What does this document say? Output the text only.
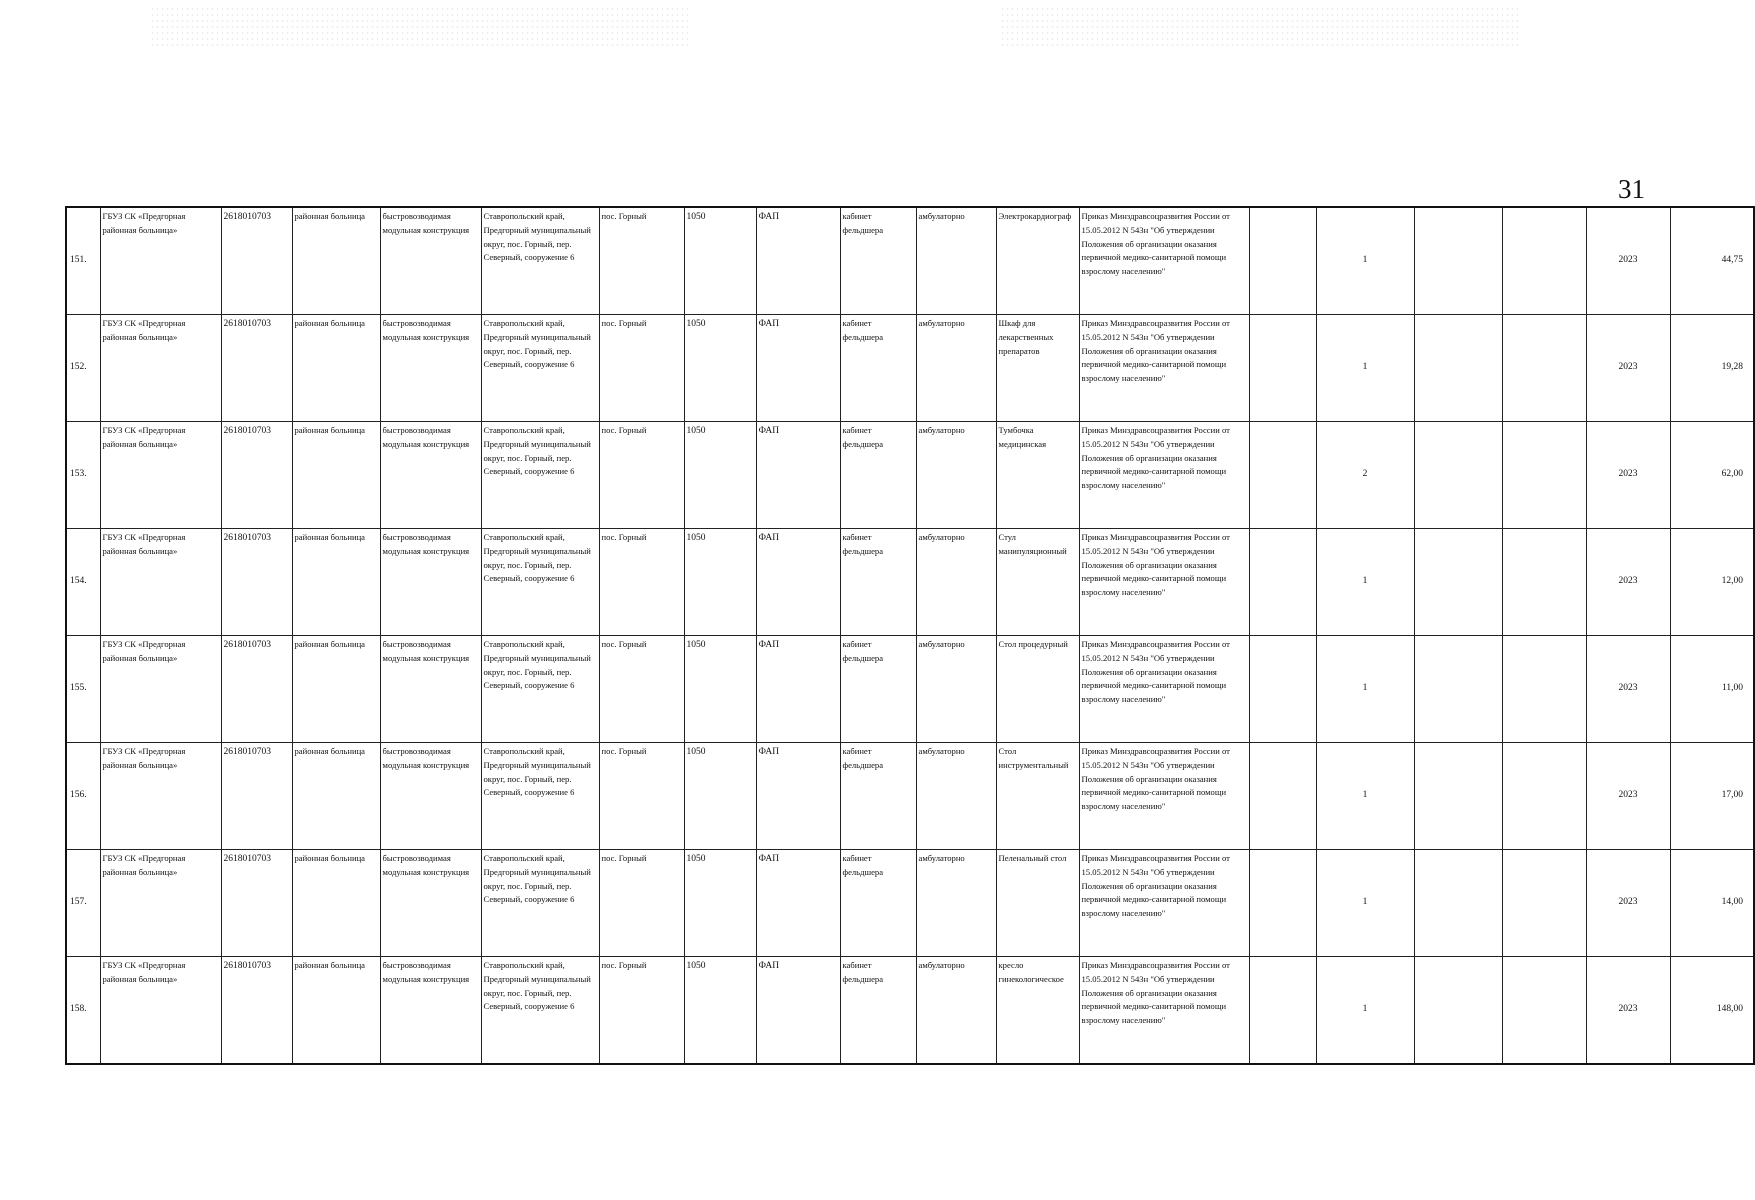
31
151.	ГБУЗ СК «Предгорная районная больница»	2618010703	районная больница	быстровозводимая модульная конструкция	Ставропольский край, Предгорный муниципальный округ, пос. Горный, пер. Северный, сооружение 6	пос. Горный	1050	ФАП	кабинет фельдшера	амбулаторно	Электрокардиограф	Приказ Минздравсоцразвития России от 15.05.2012 N 543н "Об утверждении Положения об организации оказания первичной медико-санитарной помощи взрослому населению"		1			2023	44,75
152.	ГБУЗ СК «Предгорная районная больница»	2618010703	районная больница	быстровозводимая модульная конструкция	Ставропольский край, Предгорный муниципальный округ, пос. Горный, пер. Северный, сооружение 6	пос. Горный	1050	ФАП	кабинет фельдшера	амбулаторно	Шкаф для лекарственных препаратов	Приказ Минздравсоцразвития России от 15.05.2012 N 543н "Об утверждении Положения об организации оказания первичной медико-санитарной помощи взрослому населению"		1			2023	19,28
153.	ГБУЗ СК «Предгорная районная больница»	2618010703	районная больница	быстровозводимая модульная конструкция	Ставропольский край, Предгорный муниципальный округ, пос. Горный, пер. Северный, сооружение 6	пос. Горный	1050	ФАП	кабинет фельдшера	амбулаторно	Тумбочка медицинская	Приказ Минздравсоцразвития России от 15.05.2012 N 543н "Об утверждении Положения об организации оказания первичной медико-санитарной помощи взрослому населению"		2			2023	62,00
154.	ГБУЗ СК «Предгорная районная больница»	2618010703	районная больница	быстровозводимая модульная конструкция	Ставропольский край, Предгорный муниципальный округ, пос. Горный, пер. Северный, сооружение 6	пос. Горный	1050	ФАП	кабинет фельдшера	амбулаторно	Стул манипуляционный	Приказ Минздравсоцразвития России от 15.05.2012 N 543н "Об утверждении Положения об организации оказания первичной медико-санитарной помощи взрослому населению"		1			2023	12,00
155.	ГБУЗ СК «Предгорная районная больница»	2618010703	районная больница	быстровозводимая модульная конструкция	Ставропольский край, Предгорный муниципальный округ, пос. Горный, пер. Северный, сооружение 6	пос. Горный	1050	ФАП	кабинет фельдшера	амбулаторно	Стол процедурный	Приказ Минздравсоцразвития России от 15.05.2012 N 543н "Об утверждении Положения об организации оказания первичной медико-санитарной помощи взрослому населению"		1			2023	11,00
156.	ГБУЗ СК «Предгорная районная больница»	2618010703	районная больница	быстровозводимая модульная конструкция	Ставропольский край, Предгорный муниципальный округ, пос. Горный, пер. Северный, сооружение 6	пос. Горный	1050	ФАП	кабинет фельдшера	амбулаторно	Стол инструментальный	Приказ Минздравсоцразвития России от 15.05.2012 N 543н "Об утверждении Положения об организации оказания первичной медико-санитарной помощи взрослому населению"		1			2023	17,00
157.	ГБУЗ СК «Предгорная районная больница»	2618010703	районная больница	быстровозводимая модульная конструкция	Ставропольский край, Предгорный муниципальный округ, пос. Горный, пер. Северный, сооружение 6	пос. Горный	1050	ФАП	кабинет фельдшера	амбулаторно	Пеленальный стол	Приказ Минздравсоцразвития России от 15.05.2012 N 543н "Об утверждении Положения об организации оказания первичной медико-санитарной помощи взрослому населению"		1			2023	14,00
158.	ГБУЗ СК «Предгорная районная больница»	2618010703	районная больница	быстровозводимая модульная конструкция	Ставропольский край, Предгорный муниципальный округ, пос. Горный, пер. Северный, сооружение 6	пос. Горный	1050	ФАП	кабинет фельдшера	амбулаторно	кресло гинекологическое	Приказ Минздравсоцразвития России от 15.05.2012 N 543н "Об утверждении Положения об организации оказания первичной медико-санитарной помощи взрослому населению"		1			2023	148,00
